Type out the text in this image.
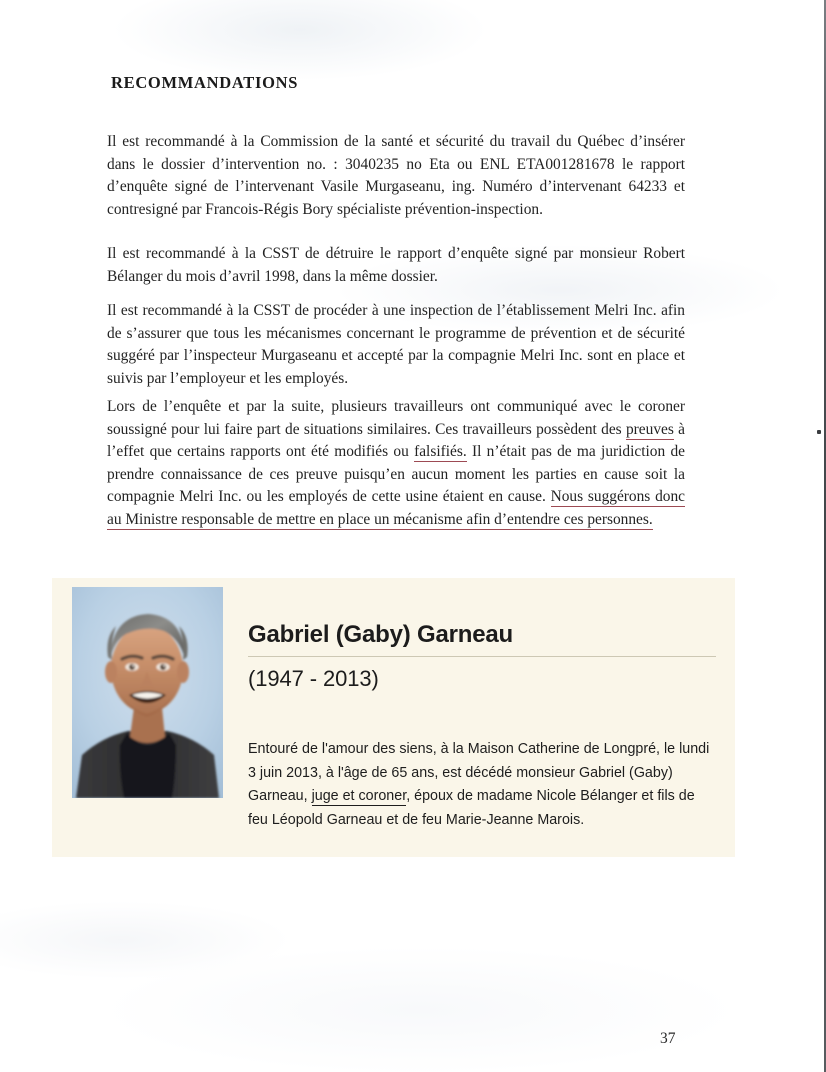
RECOMMANDATIONS
Il est recommandé à la Commission de la santé et sécurité du travail du Québec d’insérer dans le dossier d’intervention no. : 3040235 no Eta ou ENL ETA001281678 le rapport d’enquête signé de l’intervenant Vasile Murgaseanu, ing. Numéro d’intervenant 64233 et contresigné par Francois-Régis Bory spécialiste prévention-inspection.
Il est recommandé à la CSST de détruire le rapport d’enquête signé par monsieur Robert Bélanger du mois d’avril 1998, dans la même dossier.
Il est recommandé à la CSST de procéder à une inspection de l’établissement Melri Inc. afin de s’assurer que tous les mécanismes concernant le programme de prévention et de sécurité suggéré par l’inspecteur Murgaseanu et accepté par la compagnie Melri Inc. sont en place et suivis par l’employeur et les employés.
Lors de l’enquête et par la suite, plusieurs travailleurs ont communiqué avec le coroner soussigné pour lui faire part de situations similaires. Ces travailleurs possèdent des preuves à l’effet que certains rapports ont été modifiés ou falsifiés. Il n’était pas de ma juridiction de prendre connaissance de ces preuve puisqu’en aucun moment les parties en cause soit la compagnie Melri Inc. ou les employés de cette usine étaient en cause. Nous suggérons donc au Ministre responsable de mettre en place un mécanisme afin d’entendre ces personnes.
Gabriel (Gaby) Garneau
(1947 - 2013)
Entouré de l'amour des siens, à la Maison Catherine de Longpré, le lundi 3 juin 2013, à l'âge de 65 ans, est décédé monsieur Gabriel (Gaby) Garneau, juge et coroner, époux de madame Nicole Bélanger et fils de feu Léopold Garneau et de feu Marie-Jeanne Marois.
37
